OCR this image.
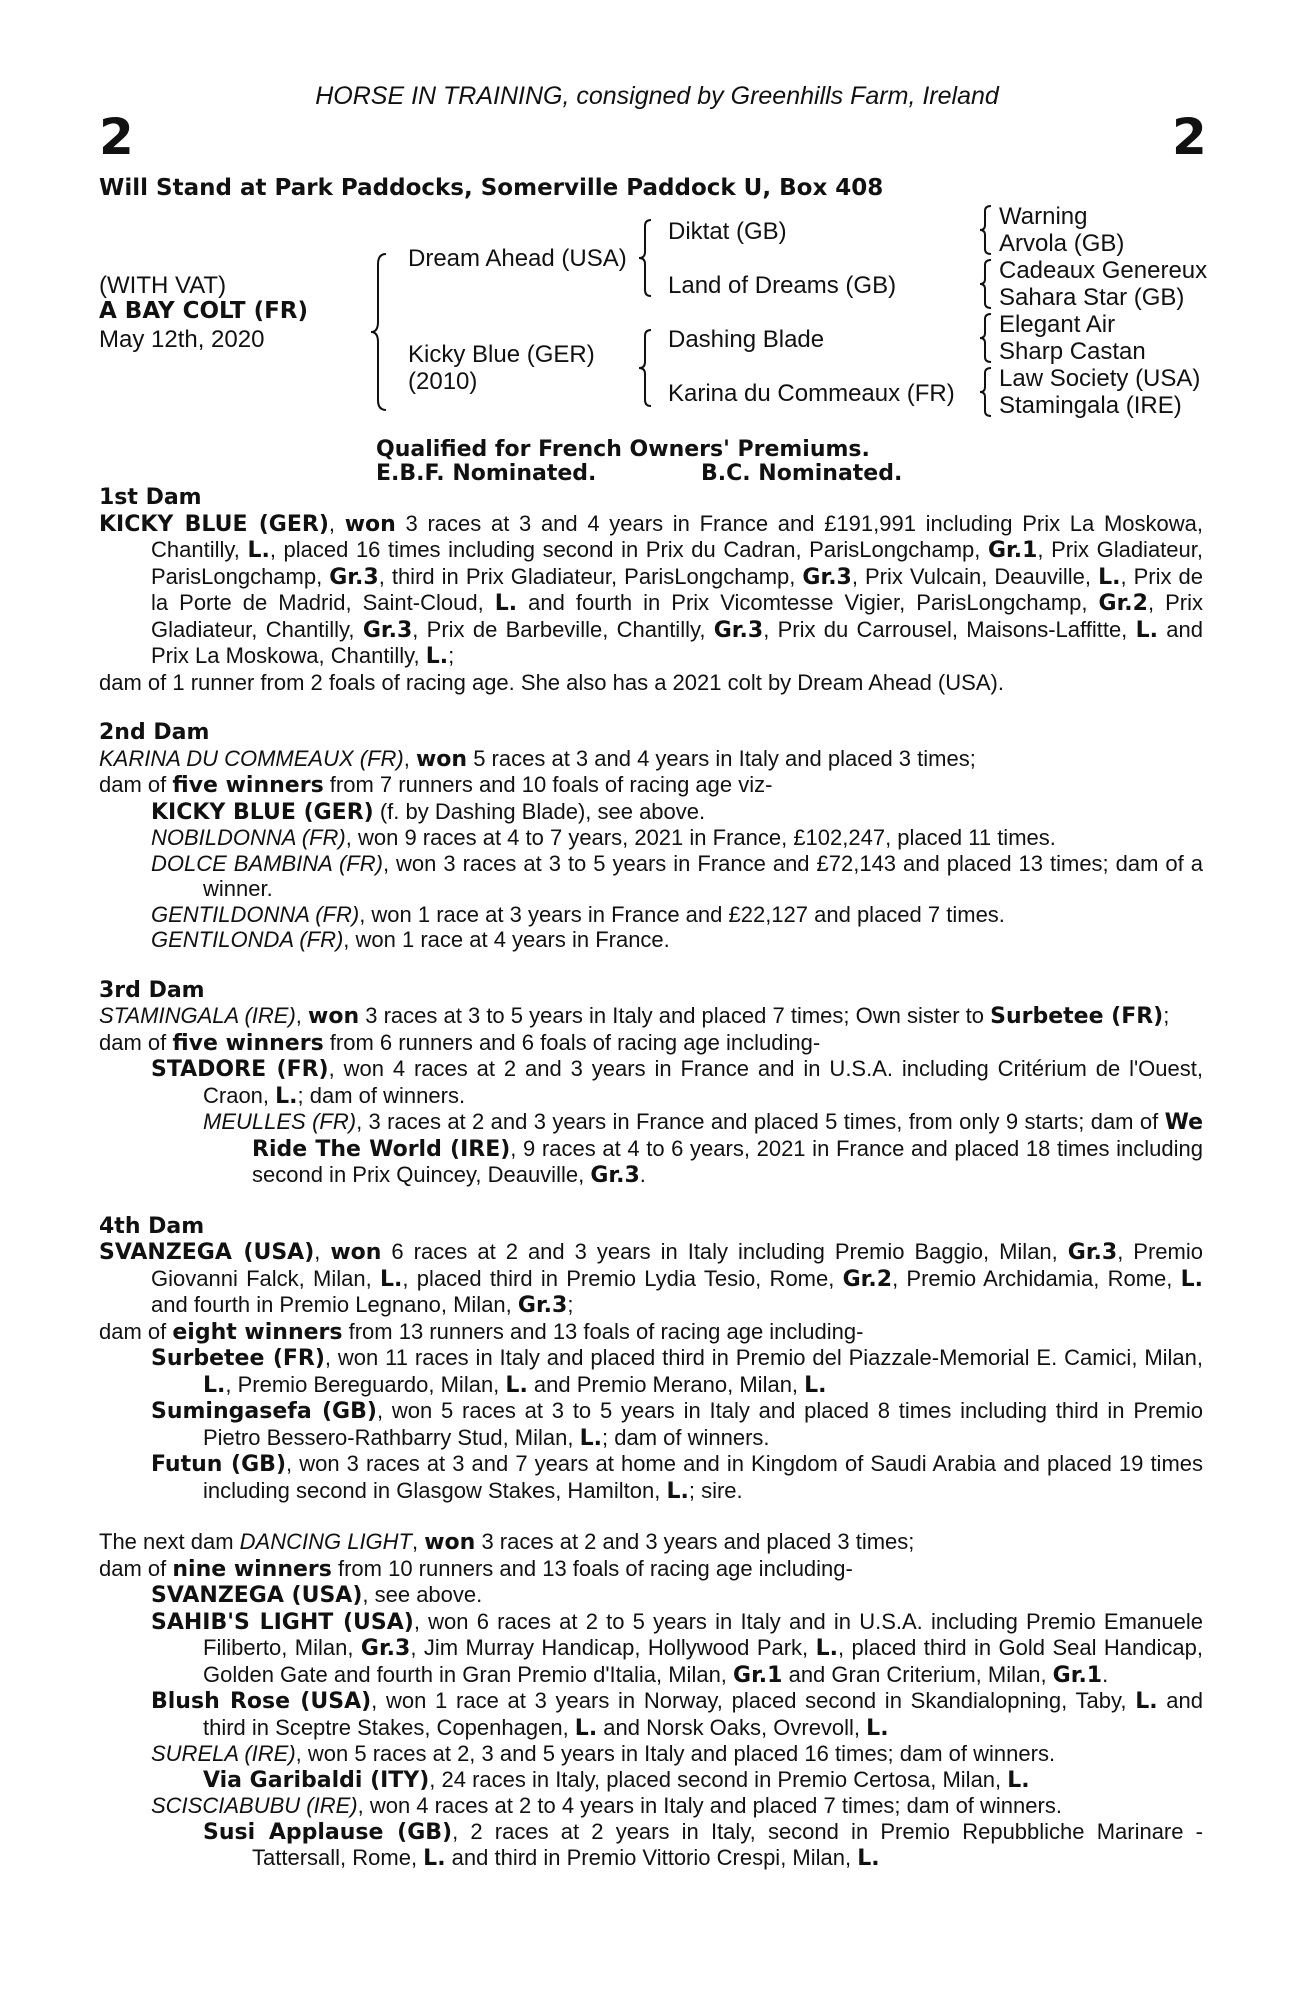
HORSE IN TRAINING, consigned by Greenhills Farm, Ireland
2	2
Will Stand at Park Paddocks, Somerville Paddock U, Box 408
(WITH VAT)
A BAY COLT (FR)
May 12th, 2020
Dream Ahead (USA)
Kicky Blue (GER)
(2010)
Diktat (GB)
Land of Dreams (GB)
Dashing Blade
Karina du Commeaux (FR)
Warning
Arvola (GB)
Cadeaux Genereux
Sahara Star (GB)
Elegant Air
Sharp Castan
Law Society (USA)
Stamingala (IRE)
Qualified for French Owners' Premiums.
E.B.F. Nominated.	B.C. Nominated.

1st Dam

KICKY BLUE (GER), won 3 races at 3 and 4 years in France and £191,991 including Prix La Moskowa, Chantilly, L., placed 16 times including second in Prix du Cadran, ParisLongchamp, Gr.1, Prix Gladiateur, ParisLongchamp, Gr.3, third in Prix Gladiateur, ParisLongchamp, Gr.3, Prix Vulcain, Deauville, L., Prix de la Porte de Madrid, Saint-Cloud, L. and fourth in Prix Vicomtesse Vigier, ParisLongchamp, Gr.2, Prix Gladiateur, Chantilly, Gr.3, Prix de Barbeville, Chantilly, Gr.3, Prix du Carrousel, Maisons-Laffitte, L. and Prix La Moskowa, Chantilly, L.;

dam of 1 runner from 2 foals of racing age. She also has a 2021 colt by Dream Ahead (USA).

2nd Dam

KARINA DU COMMEAUX (FR), won 5 races at 3 and 4 years in Italy and placed 3 times;

dam of five winners from 7 runners and 10 foals of racing age viz-

KICKY BLUE (GER) (f. by Dashing Blade), see above.

NOBILDONNA (FR), won 9 races at 4 to 7 years, 2021 in France, £102,247, placed 11 times.

DOLCE BAMBINA (FR), won 3 races at 3 to 5 years in France and £72,143 and placed 13 times; dam of a winner.

GENTILDONNA (FR), won 1 race at 3 years in France and £22,127 and placed 7 times.

GENTILONDA (FR), won 1 race at 4 years in France.

3rd Dam

STAMINGALA (IRE), won 3 races at 3 to 5 years in Italy and placed 7 times; Own sister to Surbetee (FR);

dam of five winners from 6 runners and 6 foals of racing age including-

STADORE (FR), won 4 races at 2 and 3 years in France and in U.S.A. including Critérium de l'Ouest, Craon, L.; dam of winners.

MEULLES (FR), 3 races at 2 and 3 years in France and placed 5 times, from only 9 starts; dam of We Ride The World (IRE), 9 races at 4 to 6 years, 2021 in France and placed 18 times including second in Prix Quincey, Deauville, Gr.3.

4th Dam

SVANZEGA (USA), won 6 races at 2 and 3 years in Italy including Premio Baggio, Milan, Gr.3, Premio Giovanni Falck, Milan, L., placed third in Premio Lydia Tesio, Rome, Gr.2, Premio Archidamia, Rome, L. and fourth in Premio Legnano, Milan, Gr.3;

dam of eight winners from 13 runners and 13 foals of racing age including-

Surbetee (FR), won 11 races in Italy and placed third in Premio del Piazzale-Memorial E. Camici, Milan, L., Premio Bereguardo, Milan, L. and Premio Merano, Milan, L.

Sumingasefa (GB), won 5 races at 3 to 5 years in Italy and placed 8 times including third in Premio Pietro Bessero-Rathbarry Stud, Milan, L.; dam of winners.

Futun (GB), won 3 races at 3 and 7 years at home and in Kingdom of Saudi Arabia and placed 19 times including second in Glasgow Stakes, Hamilton, L.; sire.

The next dam DANCING LIGHT, won 3 races at 2 and 3 years and placed 3 times;

dam of nine winners from 10 runners and 13 foals of racing age including-

SVANZEGA (USA), see above.

SAHIB'S LIGHT (USA), won 6 races at 2 to 5 years in Italy and in U.S.A. including Premio Emanuele Filiberto, Milan, Gr.3, Jim Murray Handicap, Hollywood Park, L., placed third in Gold Seal Handicap, Golden Gate and fourth in Gran Premio d'Italia, Milan, Gr.1 and Gran Criterium, Milan, Gr.1.

Blush Rose (USA), won 1 race at 3 years in Norway, placed second in Skandialopning, Taby, L. and third in Sceptre Stakes, Copenhagen, L. and Norsk Oaks, Ovrevoll, L.

SURELA (IRE), won 5 races at 2, 3 and 5 years in Italy and placed 16 times; dam of winners.

Via Garibaldi (ITY), 24 races in Italy, placed second in Premio Certosa, Milan, L.

SCISCIABUBU (IRE), won 4 races at 2 to 4 years in Italy and placed 7 times; dam of winners.

Susi Applause (GB), 2 races at 2 years in Italy, second in Premio Repubbliche Marinare -Tattersall, Rome, L. and third in Premio Vittorio Crespi, Milan, L.
